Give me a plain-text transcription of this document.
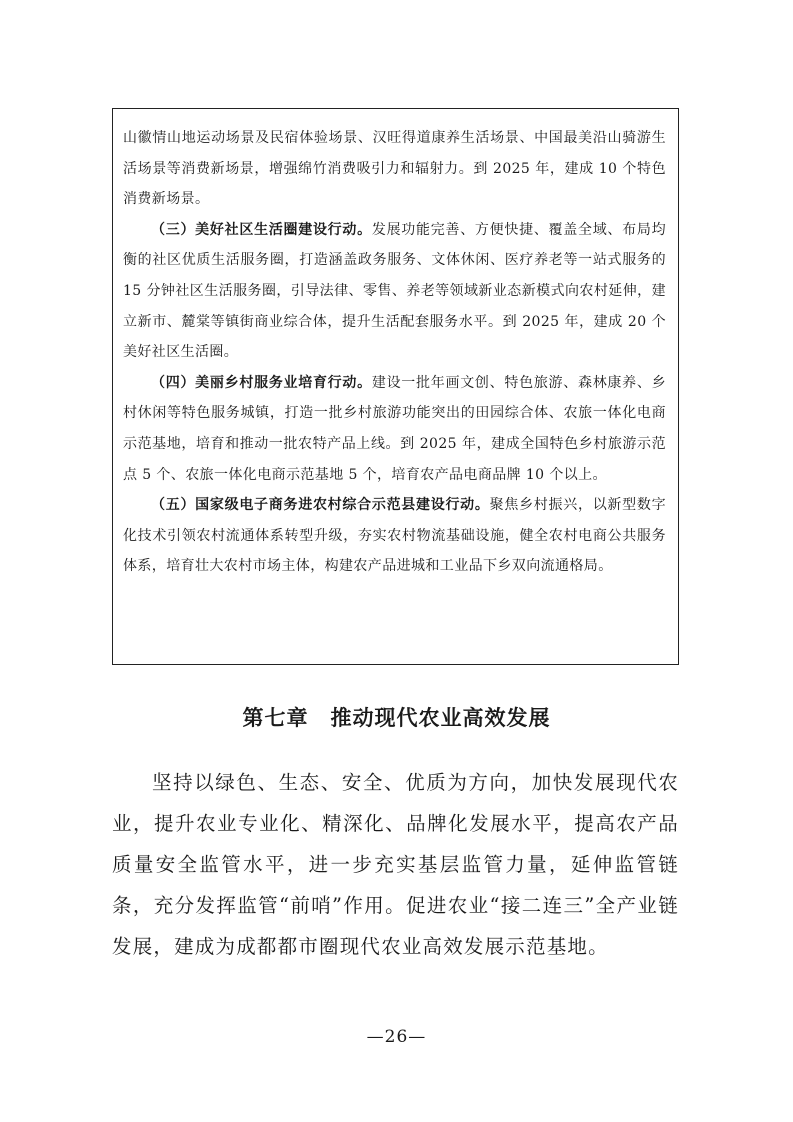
山徽情山地运动场景及民宿体验场景、汉旺得道康养生活场景、中国最美沿山骑游生活场景等消费新场景，增强绵竹消费吸引力和辐射力。到 2025 年，建成 10 个特色消费新场景。

（三）美好社区生活圈建设行动。发展功能完善、方便快捷、覆盖全域、布局均衡的社区优质生活服务圈，打造涵盖政务服务、文体休闲、医疗养老等一站式服务的 15 分钟社区生活服务圈，引导法律、零售、养老等领域新业态新模式向农村延伸，建立新市、麓棠等镇街商业综合体，提升生活配套服务水平。到 2025 年，建成 20 个美好社区生活圈。

（四）美丽乡村服务业培育行动。建设一批年画文创、特色旅游、森林康养、乡村休闲等特色服务城镇，打造一批乡村旅游功能突出的田园综合体、农旅一体化电商示范基地，培育和推动一批农特产品上线。到 2025 年，建成全国特色乡村旅游示范点 5 个、农旅一体化电商示范基地 5 个，培育农产品电商品牌 10 个以上。

（五）国家级电子商务进农村综合示范县建设行动。聚焦乡村振兴，以新型数字化技术引领农村流通体系转型升级，夯实农村物流基础设施，健全农村电商公共服务体系，培育壮大农村市场主体，构建农产品进城和工业品下乡双向流通格局。

第七章　推动现代农业高效发展

坚持以绿色、生态、安全、优质为方向，加快发展现代农业，提升农业专业化、精深化、品牌化发展水平，提高农产品质量安全监管水平，进一步充实基层监管力量，延伸监管链条，充分发挥监管“前哨”作用。促进农业“接二连三”全产业链发展，建成为成都都市圈现代农业高效发展示范基地。

—26—
